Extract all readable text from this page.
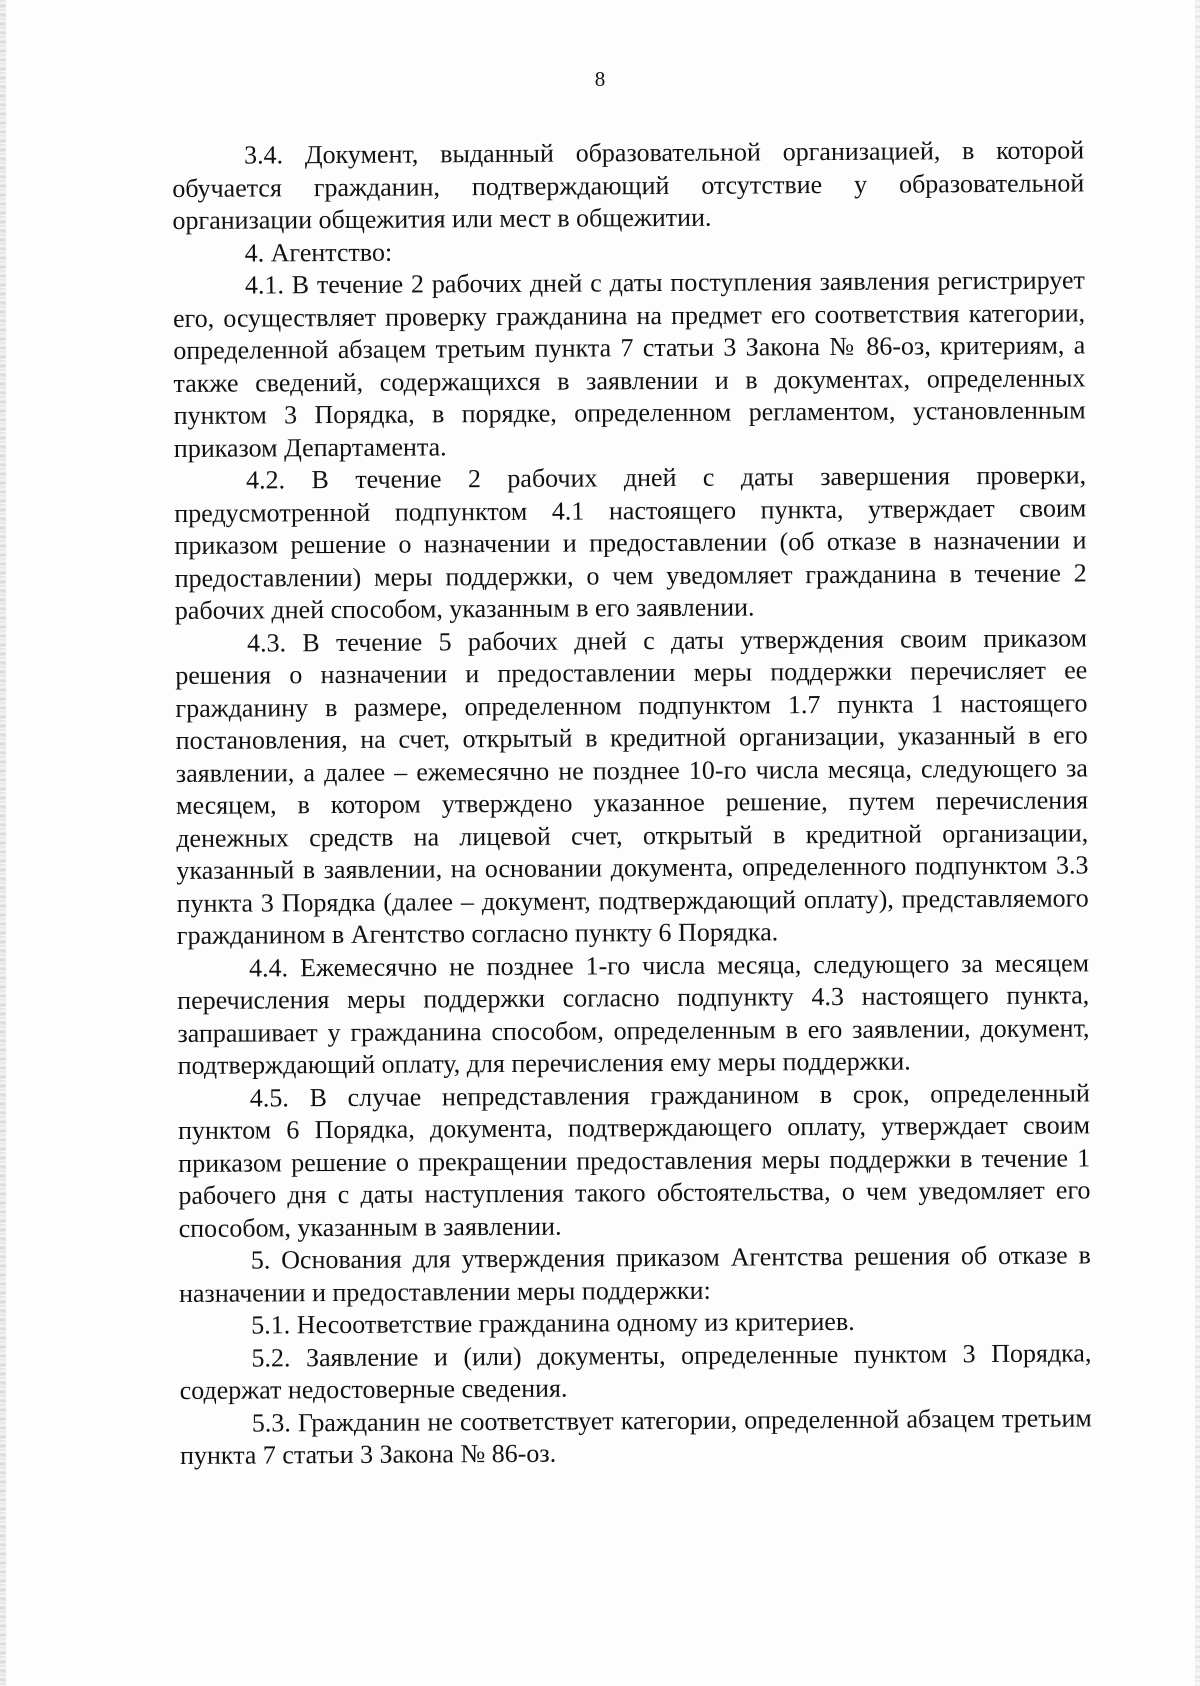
8

3.4. Документ, выданный образовательной организацией, в которой обучается гражданин, подтверждающий отсутствие у образовательной организации общежития или мест в общежитии.

4. Агентство:

4.1. В течение 2 рабочих дней с даты поступления заявления регистрирует его, осуществляет проверку гражданина на предмет его соответствия категории, определенной абзацем третьим пункта 7 статьи 3 Закона № 86-оз, критериям, а также сведений, содержащихся в заявлении и в документах, определенных пунктом 3 Порядка, в порядке, определенном регламентом, установленным приказом Департамента.

4.2. В течение 2 рабочих дней с даты завершения проверки, предусмотренной подпунктом 4.1 настоящего пункта, утверждает своим приказом решение о назначении и предоставлении (об отказе в назначении и предоставлении) меры поддержки, о чем уведомляет гражданина в течение 2 рабочих дней способом, указанным в его заявлении.

4.3. В течение 5 рабочих дней с даты утверждения своим приказом решения о назначении и предоставлении меры поддержки перечисляет ее гражданину в размере, определенном подпунктом 1.7 пункта 1 настоящего постановления, на счет, открытый в кредитной организации, указанный в его заявлении, а далее – ежемесячно не позднее 10-го числа месяца, следующего за месяцем, в котором утверждено указанное решение, путем перечисления денежных средств на лицевой счет, открытый в кредитной организации, указанный в заявлении, на основании документа, определенного подпунктом 3.3 пункта 3 Порядка (далее – документ, подтверждающий оплату), представляемого гражданином в Агентство согласно пункту 6 Порядка.

4.4. Ежемесячно не позднее 1-го числа месяца, следующего за месяцем перечисления меры поддержки согласно подпункту 4.3 настоящего пункта, запрашивает у гражданина способом, определенным в его заявлении, документ, подтверждающий оплату, для перечисления ему меры поддержки.

4.5. В случае непредставления гражданином в срок, определенный пунктом 6 Порядка, документа, подтверждающего оплату, утверждает своим приказом решение о прекращении предоставления меры поддержки в течение 1 рабочего дня с даты наступления такого обстоятельства, о чем уведомляет его способом, указанным в заявлении.

5. Основания для утверждения приказом Агентства решения об отказе в назначении и предоставлении меры поддержки:

5.1. Несоответствие гражданина одному из критериев.

5.2. Заявление и (или) документы, определенные пунктом 3 Порядка, содержат недостоверные сведения.

5.3. Гражданин не соответствует категории, определенной абзацем третьим пункта 7 статьи 3 Закона № 86-оз.
